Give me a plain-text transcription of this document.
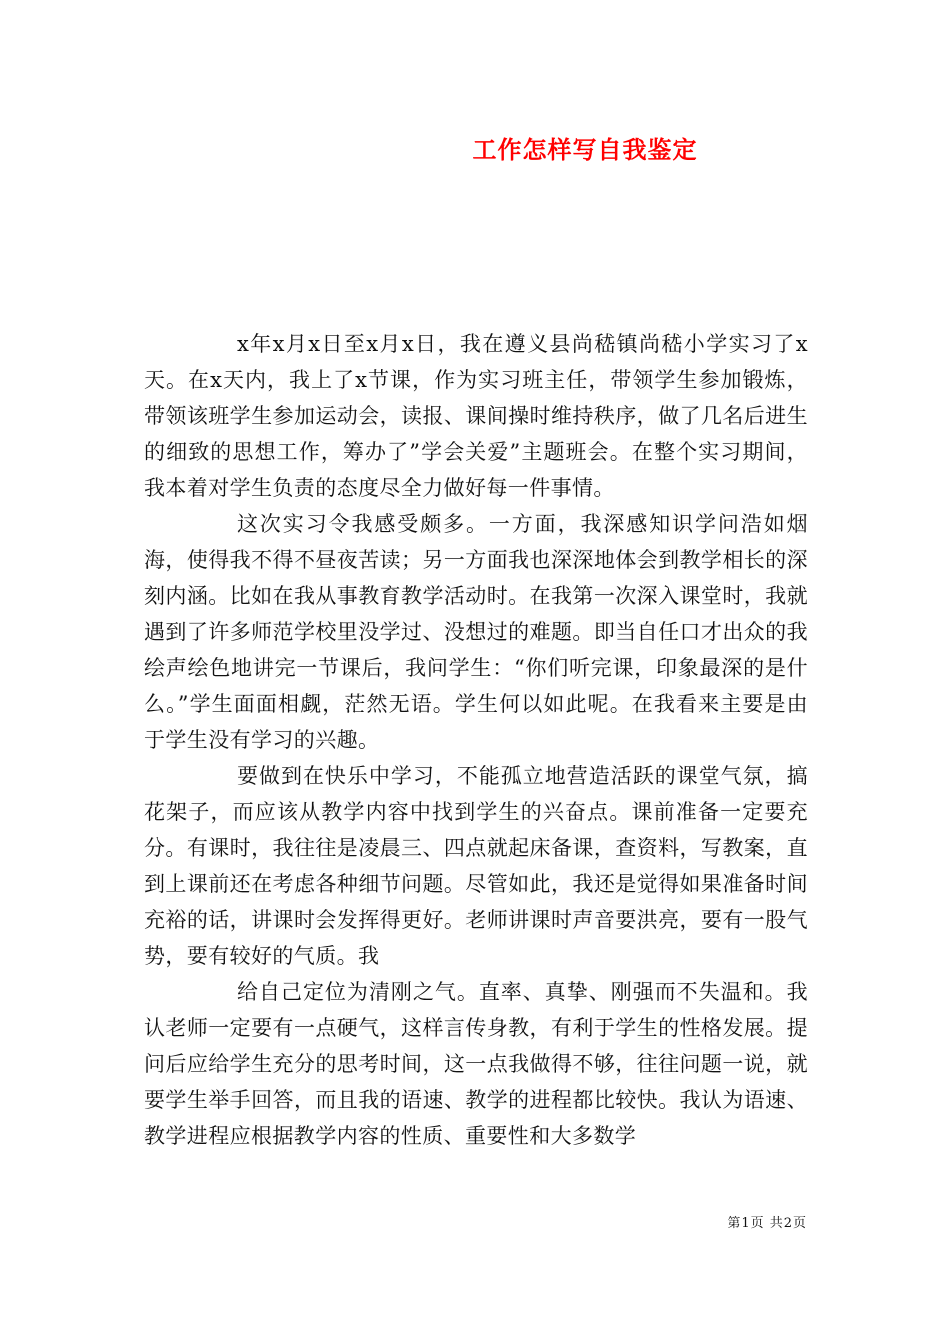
工作怎样写自我鉴定

x年x月x日至x月x日，我在遵义县尚嵇镇尚嵇小学实习了x天。在x天内，我上了x节课，作为实习班主任，带领学生参加锻炼，带领该班学生参加运动会，读报、课间操时维持秩序，做了几名后进生的细致的思想工作，筹办了”学会关爱”主题班会。在整个实习期间，我本着对学生负责的态度尽全力做好每一件事情。

这次实习令我感受颇多。一方面，我深感知识学问浩如烟海，使得我不得不昼夜苦读；另一方面我也深深地体会到教学相长的深刻内涵。比如在我从事教育教学活动时。在我第一次深入课堂时，我就遇到了许多师范学校里没学过、没想过的难题。即当自任口才出众的我绘声绘色地讲完一节课后，我问学生：“你们听完课，印象最深的是什么。”学生面面相觑，茫然无语。学生何以如此呢。在我看来主要是由于学生没有学习的兴趣。

要做到在快乐中学习，不能孤立地营造活跃的课堂气氛，搞花架子，而应该从教学内容中找到学生的兴奋点。课前准备一定要充分。有课时，我往往是凌晨三、四点就起床备课，查资料，写教案，直到上课前还在考虑各种细节问题。尽管如此，我还是觉得如果准备时间充裕的话，讲课时会发挥得更好。老师讲课时声音要洪亮，要有一股气势，要有较好的气质。我

给自己定位为清刚之气。直率、真挚、刚强而不失温和。我认老师一定要有一点硬气，这样言传身教，有利于学生的性格发展。提问后应给学生充分的思考时间，这一点我做得不够，往往问题一说，就要学生举手回答，而且我的语速、教学的进程都比较快。我认为语速、教学进程应根据教学内容的性质、重要性和大多数学

第1页 共2页
